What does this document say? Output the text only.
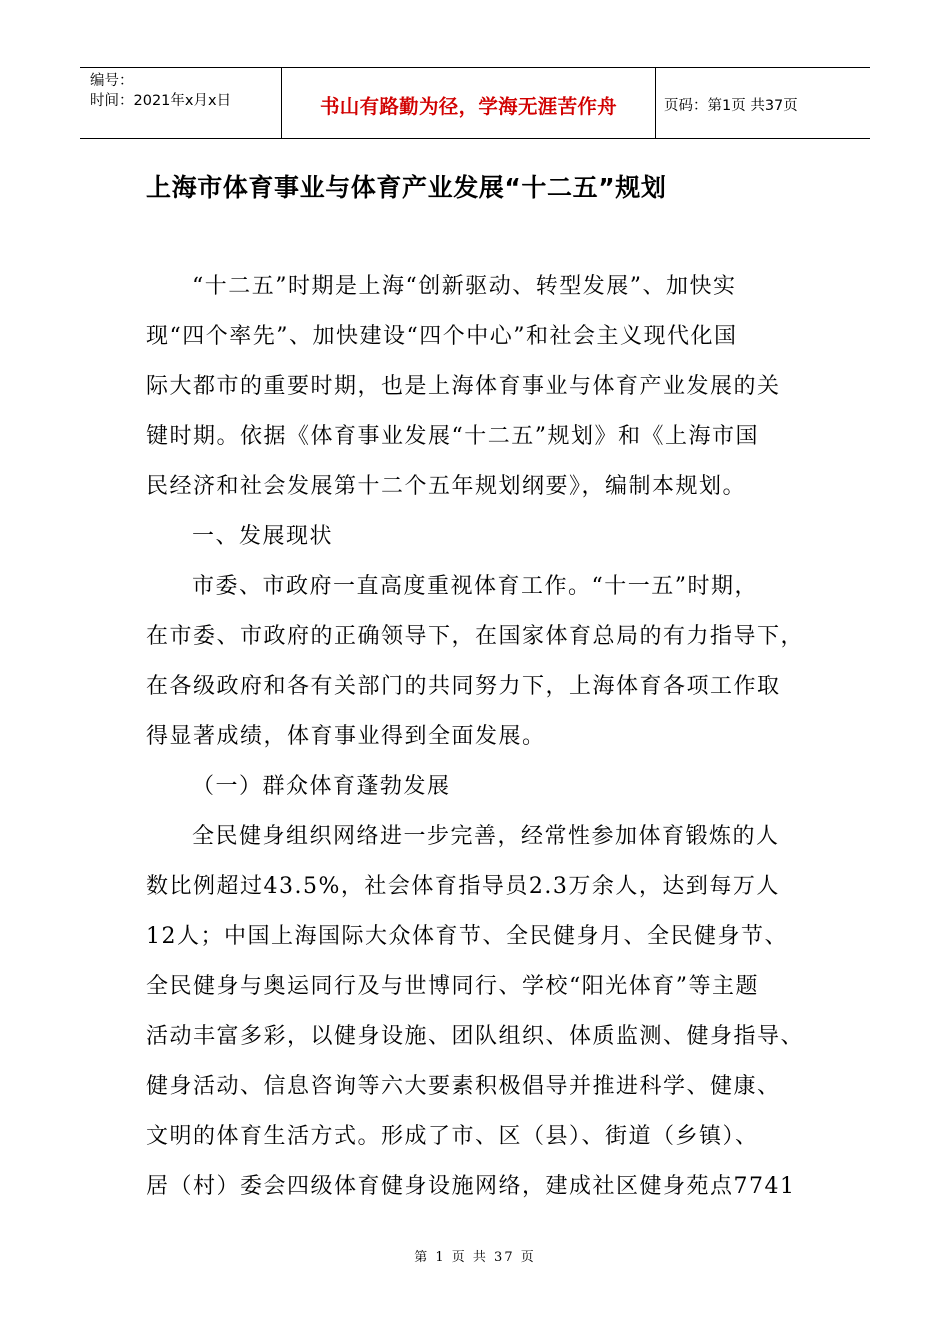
编号：
时间：2021年x月x日	书山有路勤为径，学海无涯苦作舟	页码：第1页 共37页
上海市体育事业与体育产业发展“十二五”规划
“十二五”时期是上海“创新驱动、转型发展”、加快实
现“四个率先”、加快建设“四个中心”和社会主义现代化国
际大都市的重要时期，也是上海体育事业与体育产业发展的关
键时期。依据《体育事业发展“十二五”规划》和《上海市国
民经济和社会发展第十二个五年规划纲要》，编制本规划。
一、发展现状
市委、市政府一直高度重视体育工作。“十一五”时期，
在市委、市政府的正确领导下，在国家体育总局的有力指导下，
在各级政府和各有关部门的共同努力下，上海体育各项工作取
得显著成绩，体育事业得到全面发展。
（一）群众体育蓬勃发展
全民健身组织网络进一步完善，经常性参加体育锻炼的人
数比例超过43.5%，社会体育指导员2.3万余人，达到每万人
12人；中国上海国际大众体育节、全民健身月、全民健身节、
全民健身与奥运同行及与世博同行、学校“阳光体育”等主题
活动丰富多彩，以健身设施、团队组织、体质监测、健身指导、
健身活动、信息咨询等六大要素积极倡导并推进科学、健康、
文明的体育生活方式。形成了市、区（县）、街道（乡镇）、
居（村）委会四级体育健身设施网络，建成社区健身苑点7741
第 1 页 共 37 页
